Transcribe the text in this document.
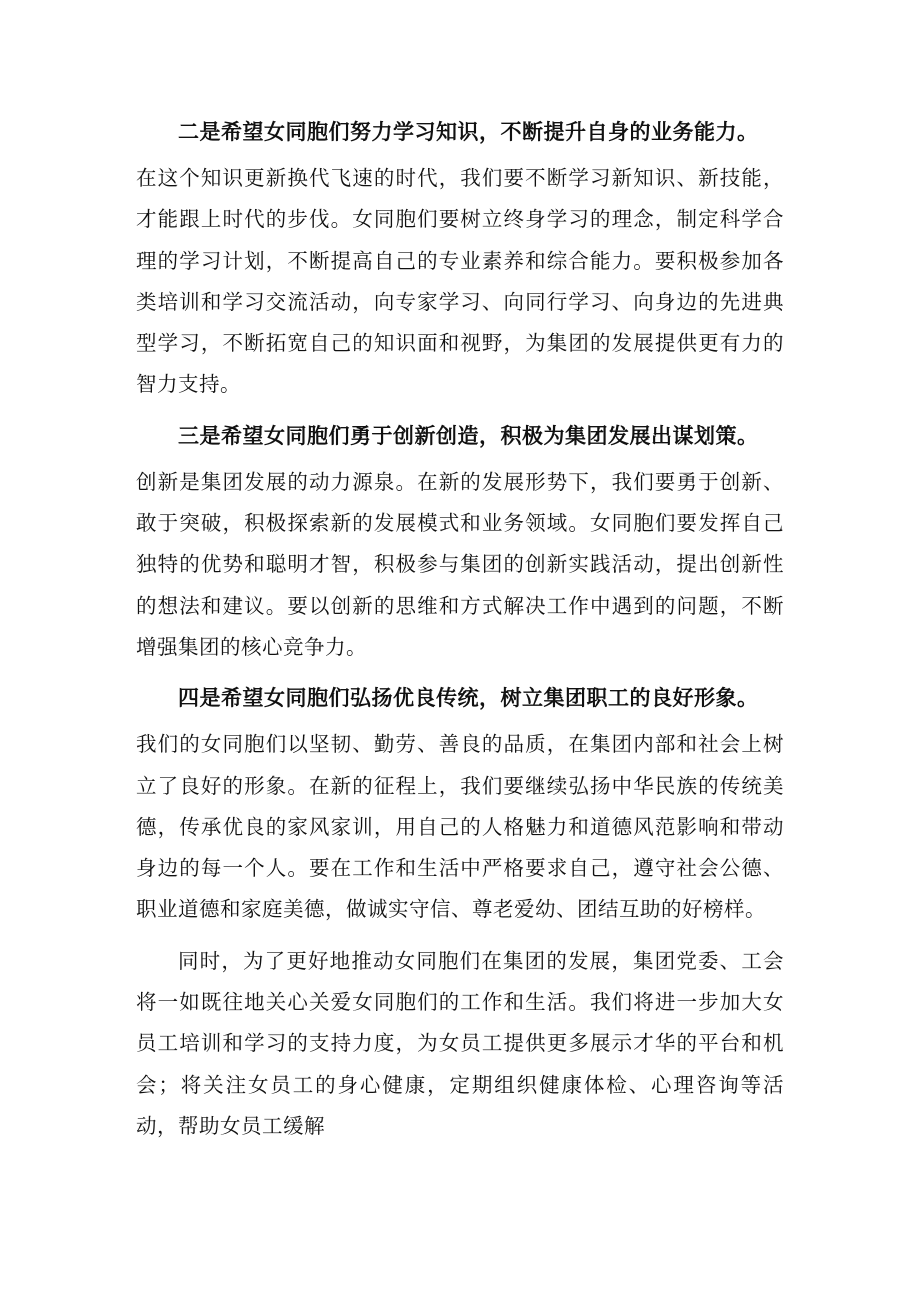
二是希望女同胞们努力学习知识，不断提升自身的业务能力。
在这个知识更新换代飞速的时代，我们要不断学习新知识、新技能，才能跟上时代的步伐。女同胞们要树立终身学习的理念，制定科学合理的学习计划，不断提高自己的专业素养和综合能力。要积极参加各类培训和学习交流活动，向专家学习、向同行学习、向身边的先进典型学习，不断拓宽自己的知识面和视野，为集团的发展提供更有力的智力支持。
三是希望女同胞们勇于创新创造，积极为集团发展出谋划策。
创新是集团发展的动力源泉。在新的发展形势下，我们要勇于创新、敢于突破，积极探索新的发展模式和业务领域。女同胞们要发挥自己独特的优势和聪明才智，积极参与集团的创新实践活动，提出创新性的想法和建议。要以创新的思维和方式解决工作中遇到的问题，不断增强集团的核心竞争力。
四是希望女同胞们弘扬优良传统，树立集团职工的良好形象。
我们的女同胞们以坚韧、勤劳、善良的品质，在集团内部和社会上树立了良好的形象。在新的征程上，我们要继续弘扬中华民族的传统美德，传承优良的家风家训，用自己的人格魅力和道德风范影响和带动身边的每一个人。要在工作和生活中严格要求自己，遵守社会公德、职业道德和家庭美德，做诚实守信、尊老爱幼、团结互助的好榜样。
同时，为了更好地推动女同胞们在集团的发展，集团党委、工会将一如既往地关心关爱女同胞们的工作和生活。我们将进一步加大女员工培训和学习的支持力度，为女员工提供更多展示才华的平台和机会；将关注女员工的身心健康，定期组织健康体检、心理咨询等活动，帮助女员工缓解
